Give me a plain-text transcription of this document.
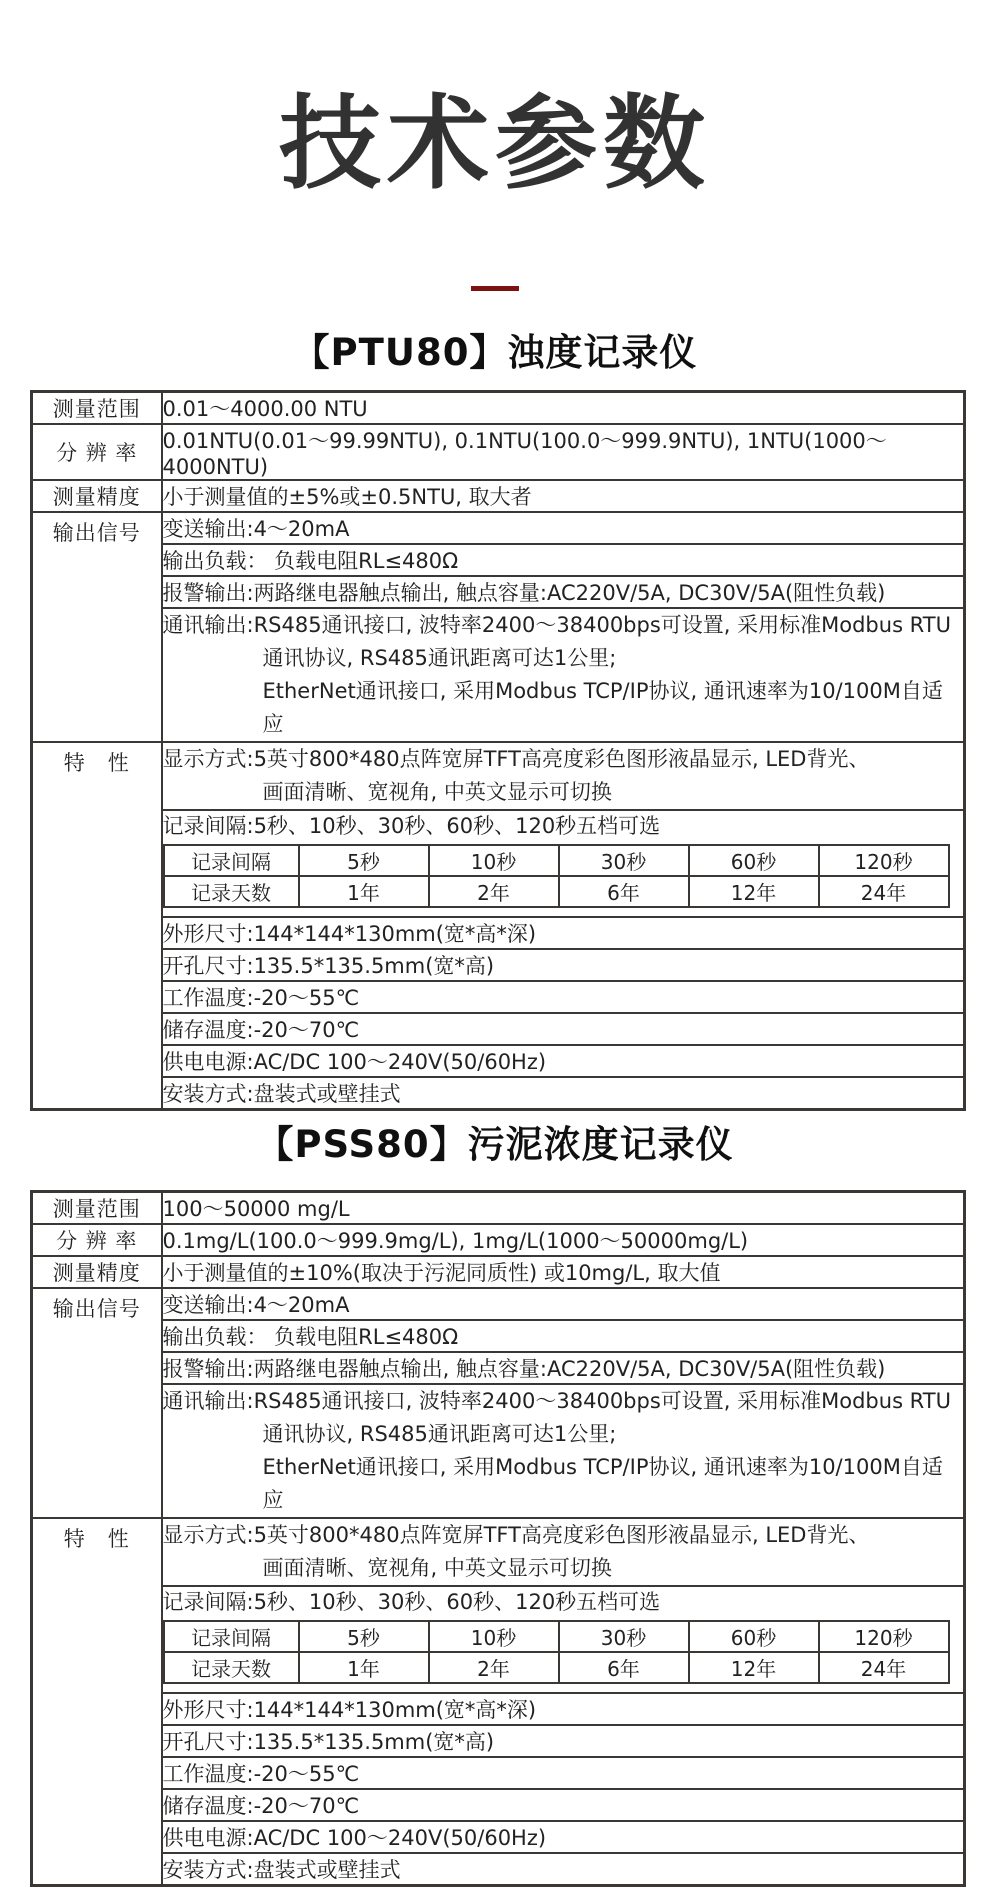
技术参数
【PTU80】浊度记录仪
测量范围	0.01～4000.00 NTU
分 辨 率	0.01NTU(0.01～99.99NTU), 0.1NTU(100.0～999.9NTU), 1NTU(1000～4000NTU)
测量精度	小于测量值的±5%或±0.5NTU, 取大者
输出信号	变送输出:4～20mA
输出负载： 负载电阻RL≤480Ω
报警输出:两路继电器触点输出, 触点容量:AC220V/5A, DC30V/5A(阻性负载)

通讯输出:RS485通讯接口, 波特率2400～38400bps可设置, 采用标准Modbus RTU
通讯协议, RS485通讯距离可达1公里;
EtherNet通讯接口, 采用Modbus TCP/IP协议, 通讯速率为10/100M自适应

特　性	显示方式:5英寸800*480点阵宽屏TFT高亮度彩色图形液晶显示, LED背光、
画面清晰、宽视角, 中英文显示可切换

记录间隔:5秒、10秒、30秒、60秒、120秒五档可选
记录间隔	5秒	10秒	30秒	60秒	120秒
记录天数	1年	2年	6年	12年	24年

外形尺寸:144*144*130mm(宽*高*深)
开孔尺寸:135.5*135.5mm(宽*高)
工作温度:-20～55℃
储存温度:-20～70℃
供电电源:AC/DC 100～240V(50/60Hz)
安装方式:盘装式或壁挂式
【PSS80】污泥浓度记录仪
测量范围	100～50000 mg/L
分 辨 率	0.1mg/L(100.0～999.9mg/L), 1mg/L(1000～50000mg/L)
测量精度	小于测量值的±10%(取决于污泥同质性) 或10mg/L, 取大值
输出信号	变送输出:4～20mA
输出负载： 负载电阻RL≤480Ω
报警输出:两路继电器触点输出, 触点容量:AC220V/5A, DC30V/5A(阻性负载)

通讯输出:RS485通讯接口, 波特率2400～38400bps可设置, 采用标准Modbus RTU
通讯协议, RS485通讯距离可达1公里;
EtherNet通讯接口, 采用Modbus TCP/IP协议, 通讯速率为10/100M自适应

特　性	显示方式:5英寸800*480点阵宽屏TFT高亮度彩色图形液晶显示, LED背光、
画面清晰、宽视角, 中英文显示可切换

记录间隔:5秒、10秒、30秒、60秒、120秒五档可选
记录间隔	5秒	10秒	30秒	60秒	120秒
记录天数	1年	2年	6年	12年	24年

外形尺寸:144*144*130mm(宽*高*深)
开孔尺寸:135.5*135.5mm(宽*高)
工作温度:-20～55℃
储存温度:-20～70℃
供电电源:AC/DC 100～240V(50/60Hz)
安装方式:盘装式或壁挂式
